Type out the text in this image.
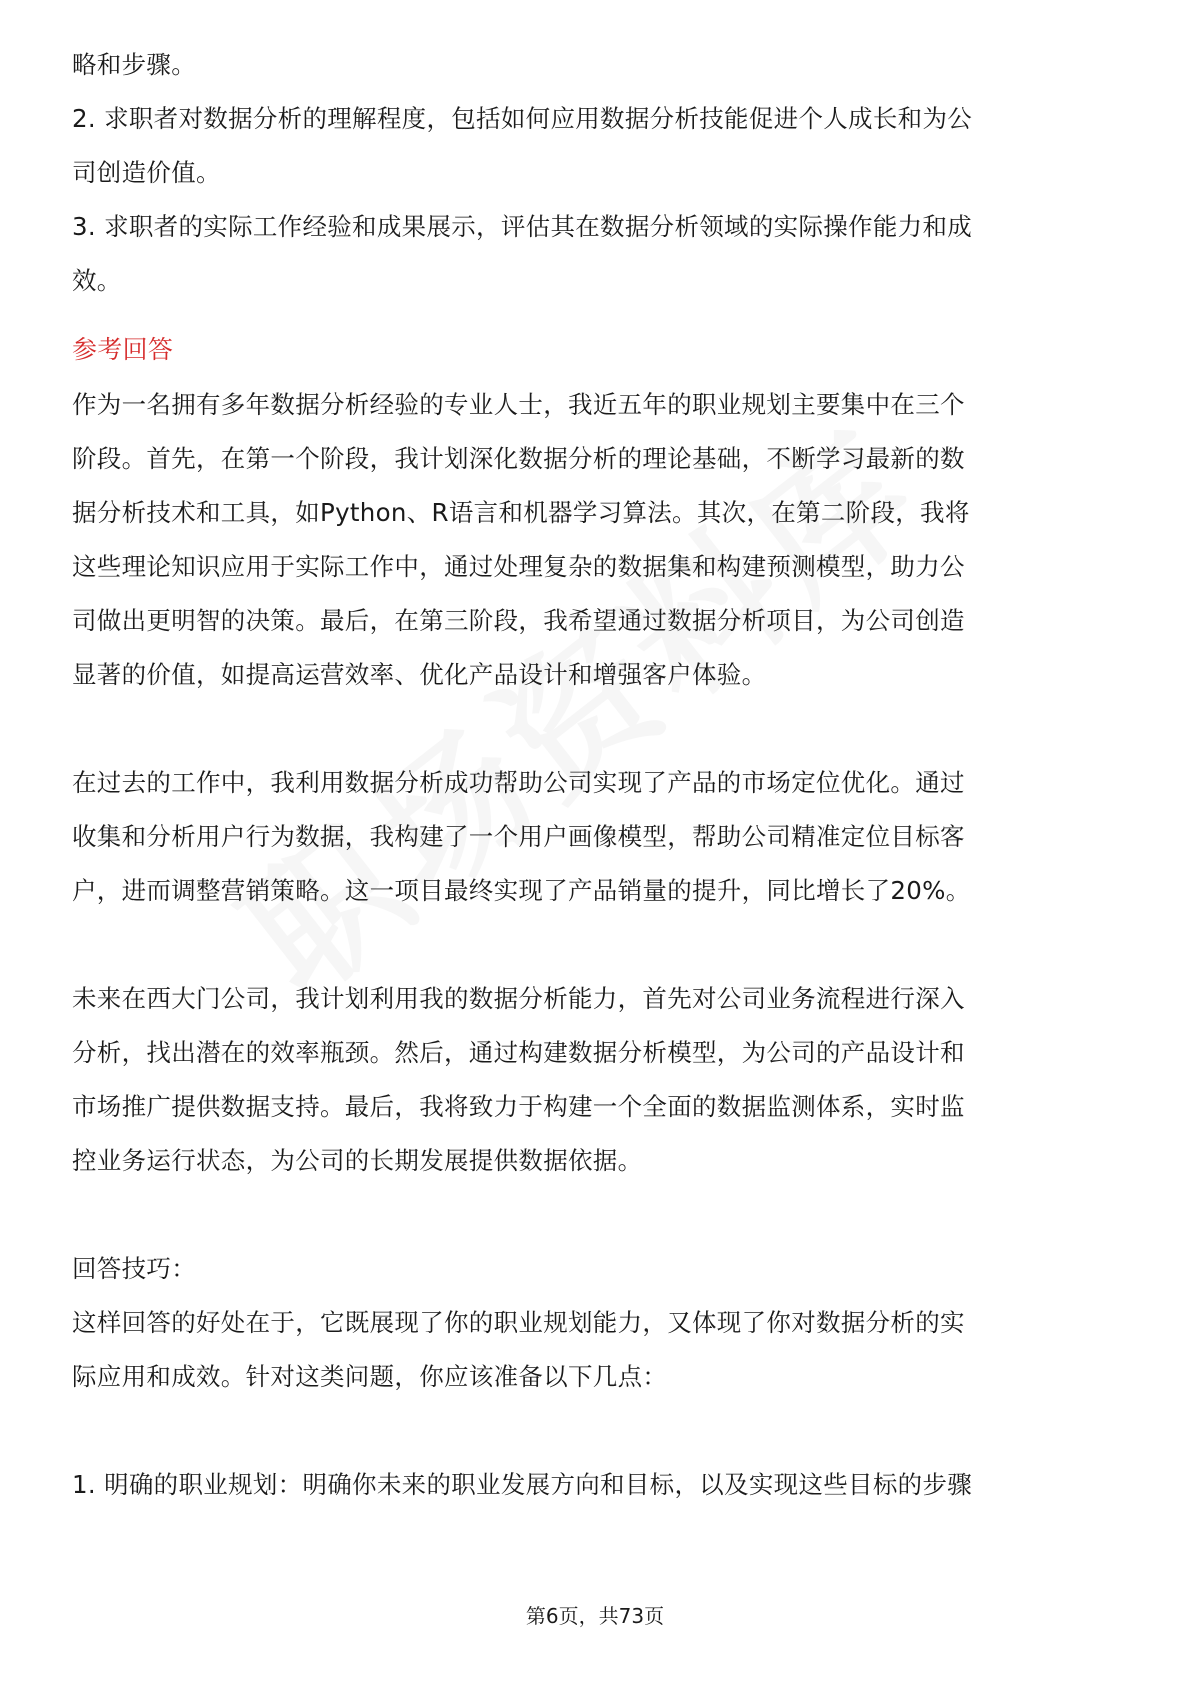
略和步骤。
2. 求职者对数据分析的理解程度，包括如何应用数据分析技能促进个人成长和为公
司创造价值。
3. 求职者的实际工作经验和成果展示，评估其在数据分析领域的实际操作能力和成
效。
参考回答
作为一名拥有多年数据分析经验的专业人士，我近五年的职业规划主要集中在三个
阶段。首先，在第一个阶段，我计划深化数据分析的理论基础，不断学习最新的数
据分析技术和工具，如Python、R语言和机器学习算法。其次，在第二阶段，我将
这些理论知识应用于实际工作中，通过处理复杂的数据集和构建预测模型，助力公
司做出更明智的决策。最后，在第三阶段，我希望通过数据分析项目，为公司创造
显著的价值，如提高运营效率、优化产品设计和增强客户体验。
在过去的工作中，我利用数据分析成功帮助公司实现了产品的市场定位优化。通过
收集和分析用户行为数据，我构建了一个用户画像模型，帮助公司精准定位目标客
户，进而调整营销策略。这一项目最终实现了产品销量的提升，同比增长了20%。
未来在西大门公司，我计划利用我的数据分析能力，首先对公司业务流程进行深入
分析，找出潜在的效率瓶颈。然后，通过构建数据分析模型，为公司的产品设计和
市场推广提供数据支持。最后，我将致力于构建一个全面的数据监测体系，实时监
控业务运行状态，为公司的长期发展提供数据依据。
回答技巧：
这样回答的好处在于，它既展现了你的职业规划能力，又体现了你对数据分析的实
际应用和成效。针对这类问题，你应该准备以下几点：
1. 明确的职业规划：明确你未来的职业发展方向和目标，以及实现这些目标的步骤
第6页，共73页
